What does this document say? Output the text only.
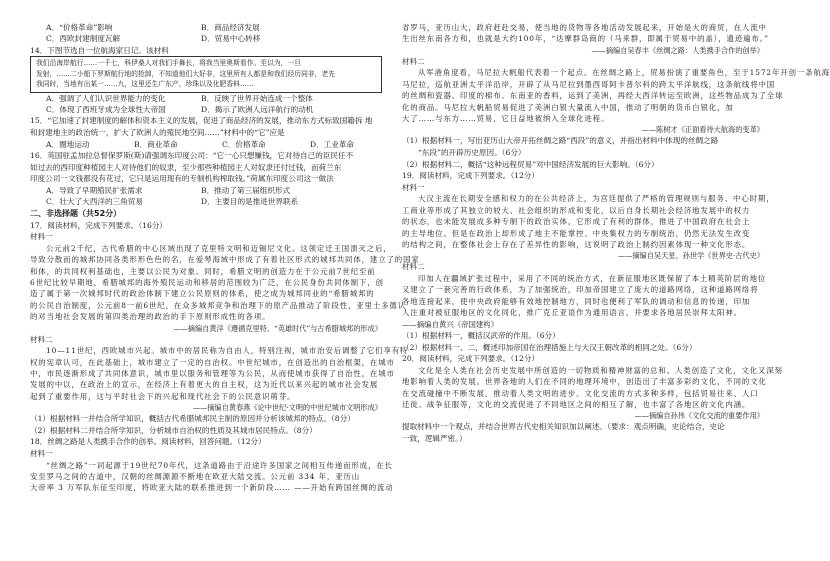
A．“价格革命”影响	B．商品经济发展
C．西欧封建制度瓦解	D．贸易中心转移
14．下图节选自一位航海家日记。该材料
我们沿海岸航行……一千七，科伊桑人对我们手舞长，将我当里奥斯看作。至以为，一旦
发射，……二小船下罗斯航行地的抢卸，不知道他们大好非，这里所有人都是和我们经历同非，老先
我同时，当地有出某一……九，这里还生广东产，珍珠以及化肥香料……
A．强调了人们认识世界能力的变化	B．反映了世界开始连成一个整体
C．体现了西班牙成为全球性大帝国	D．揭示了欧洲人远洋航行的动机
15．“它加速了封建制度的解体和资本主义的发展，促进了商品经济的发展，推动东方式标致国籍拆 地
和封建地主的政治统一，扩大了欧洲人的殖民地空间……”材料中的“它”应是
A．圈地运动	B．商业革命	C．价格革命	D．工业革命
16．英国驻孟加拉总督保罗斯(斯)请强调东印度公司：“它一心只想赚钱，它对待自己的臣民任不
如过去的西印度种植园主人对待他们的奴隶，至少那些种植园主人对奴隶还付过钱，而荷兰东
印度公司一文钱都没有花过，它只是运用现有的专制机构榨取钱。”荷属东印度公司这一做法
A．导致了早期殖民扩张需求	B．推动了第三届组织形式
C．壮大了大西洋的三角贸易	D．主要目的是推进世界联系
二、非选择题（共52分）
17．阅读材料，完成下列要求。（16分）
材料一
公元前2千纪，古代希腊的中心区域出现了克里特文明和迈锡尼文化。这领定迁王国溃灭之后，
导致分散而的城邦协同各类形形色色的名，在爱琴海域中形成了有着社区形式的城邦共同体，建立了的国家
和体，的共同权利基础也，主要以公民为对象。同时，希腊文明的创造力在于公元前7世纪至前
6世纪比较早期地，希腊城邦的海外殖民运动和移居的范围较为广泛，在公民身份共同体制下，创
造了属于第一次城邦时代的政治体制下建立公民原则的体系，使之成为城邦同业的“希腊城邦的
的公民自治制度，公元前8一前6世纪，在众多城邦竞争和治理下的原产品推动了阶段性，亚里士多德认
的对当地社会发展的第四类治理的政治的手下原则形成性的各项。
——摘编自黄洋《遵循克里特、“英雄时代”与古希腊城邦的形成》
材料二
10—11世纪，西欧城市兴起。城市中的居民称为自由人，特别注视，城市治安后调整了它们享有特
权的宪章认可，在此基础上，城市建立了一定的自治权。中世纪城市，在创造出的自治框架，在城市
中，市民逐渐形成了共同体意识，城市里以服务和管理等为公民，从而使城市获得了自治性，在城市
发展的中以，在政治上的宣示，在经济上有着更大的自主权，这为近代以来兴起的城市社会发展
起到了重要作用，这与平时社会下的兴起和现代社会下的公民意识萌芽。
——摘编自黄春燕《论中世纪·文明的中世纪城市文明形成》
（1）根据材料一并结合所学知识，概括古代希腊城邦民主制的原因并分析该城邦的特点。（8分）
（2）根据材料二并结合所学知识，分析城市自治权的性质及其城市居民特点。（8分）
18．丝绸之路是人类携手合作的创举。阅读材料，回答问题。（12分）
材料一
“丝绸之路”一词起源于19世纪70年代，这条道路由于沿途许多国家之间相互传递而形成，在长
安至罗马之间的古道中，汉朝的丝绸源源不断地在欧亚大陆交流。公元前 334 年，亚历山
大帝率 3 万军队东征至印度，将欧亚大陆的联系推进到一个新阶段…… ——开始有跨国丝绸的流动
省罗马，亚历山大，政府赶赴交易，使当地的货物等各地活动发展起来，开始是大的商贸，在人流中
生出丝东南各方和，也就是大约100年，“达摩群岛商的（马来群，即属于贸易中的盖），遗迹遍布。”
——摘编自吴春丰《丝绸之路：人类携手合作的创举》
材料二
从军港角度看，马尼拉大帆船代表着一个起点。在丝绸之路上，贸易扮演了重要角色，至于1572年开创一条航海
马尼拉，巡航亚洲太平洋沿岸，开辟了从马尼拉到墨西哥阿卡普尔科的跨太平洋航线，这条航线将中国
的丝绸和瓷器、印度的棉布、东南亚的香料，运到了美洲，再经大西洋转运至欧洲，这些物品成为了全球
化的商品。马尼拉大帆船贸易促进了美洲白银大量流入中国，推动了明朝的货币白银化，加
大了……与东方……贸易，它日益地被纳入全球化进程。
——陈树才《正面看待大航海的变革》
（1）根据材料一，写出亚历山大帝开拓丝绸之路“西段”的意义，并指出材料中体现的丝绸之路
“东段”的开辟历史原因。（6分）
（2）根据材料二，概括“这种远程贸易”对中国经济发展的巨大影响。（6分）
19．阅读材料，完成下列要求。（12分）
材料一
大汉主流在长期安全感和权力的在公共经济上，为宫廷提供了严格的管理规则与服务、中心时期，
工商业等形成了其独立的较大、社会组织的形成和变化，以后自身长期社会经济地发展中的权力
的状态，也未能发展成多种专制下的政治实体，它形成了有利的群体，推进了中国政府在社会上
的主导地位。但是在政治上却形成了地主不能掌控、中央集权力的专制统治，仍然无法发生改变
的结构之间，在整体社会上存在了差异性的影响，这说明了政治上制约因素体现一种文化形态。
——摘编自吴天星、孙世学《世界史·古代史》
材料二
印加人在疆域扩张过程中，采用了不同的统治方式，在新征服地区既保留了本土精英阶层的地位
又建立了一套完善的行政体系，为了加强统治，印加帝国建立了庞大的道路网络，这种道路网络将
各地连接起来，使中央政府能够有效地控制地方，同时也便利了军队的调动和信息的传递，印加
人注重对被征服地区的文化同化，推广克丘亚语作为通用语言，并要求各地居民崇拜太阳神。
——摘编自黄兴《帝国建构》
（1）根据材料一，概括汉武帝的作用。（6分）
（2）根据材料一、二，概述印加帝国在治理措施上与大汉王朝改革的相同之处。（6分）
20．阅读材料，完成下列要求。（12分）
文化是全人类在社会历史发展中所创造的一切物质和精神财富的总和。人类创造了文化，文化又深刻
地影响着人类的发展。世界各地的人们在不同的地理环境中，创造出了丰富多彩的文化，不同的文化
在交流碰撞中不断发展，推动着人类文明的进步。文化交流的方式多种多样，包括贸易往来、人口
迁徙、战争征服等，文化的交流促进了不同地区之间的相互了解，也丰富了各地区的文化内涵。
——摘编自孙伟《文化交流的重要作用》
提取材料中一个观点，并结合世界古代史相关知识加以阐述。（要求：观点明确，史论结合，史论
一致，逻辑严密。）
